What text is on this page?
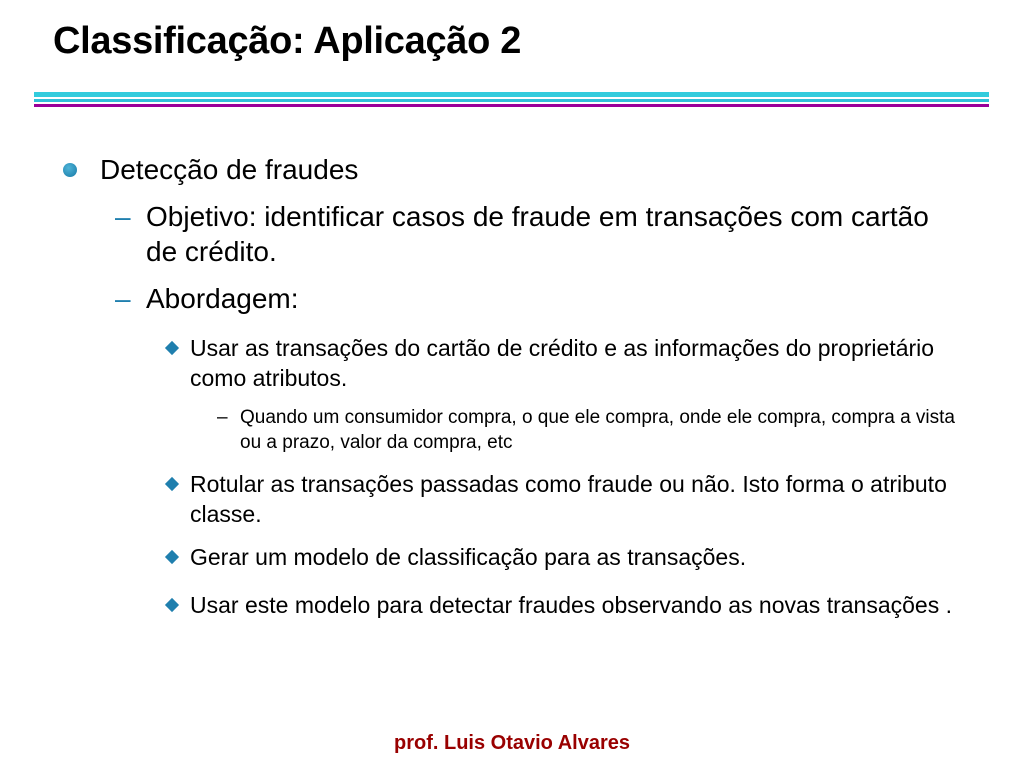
Classificação: Aplicação 2

Detecção de fraudes

– Objetivo: identificar casos de fraude em transações com cartão de crédito.

– Abordagem:

Usar as transações do cartão de crédito e as informações do proprietário como atributos.

– Quando um consumidor compra, o que ele compra, onde ele compra, compra a vista ou a prazo, valor da compra, etc

Rotular as transações passadas como fraude ou não. Isto forma o atributo classe.

Gerar um modelo de classificação para as transações.

Usar este modelo para detectar fraudes observando as novas transações .

prof. Luis Otavio Alvares
